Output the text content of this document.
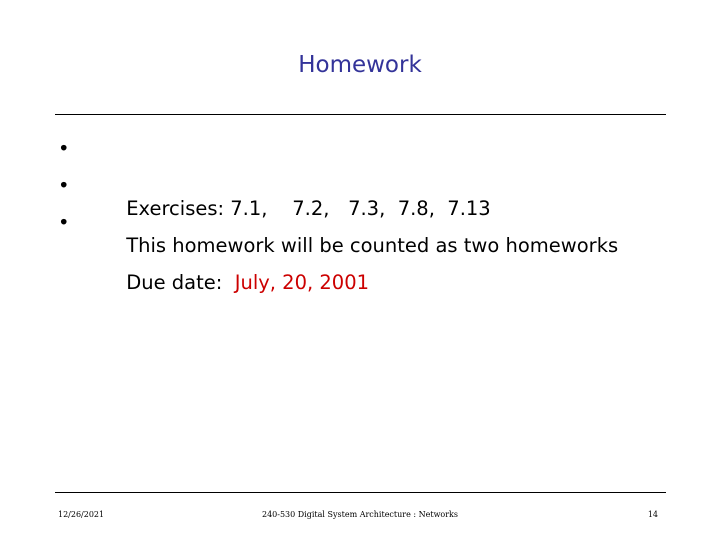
Homework

•

Exercises: 7.1,    7.2,   7.3,  7.8,  7.13

•

This homework will be counted as two homeworks

•

Due date:  July, 20, 2001

12/26/2021	240-530 Digital System Architecture : Networks	14
